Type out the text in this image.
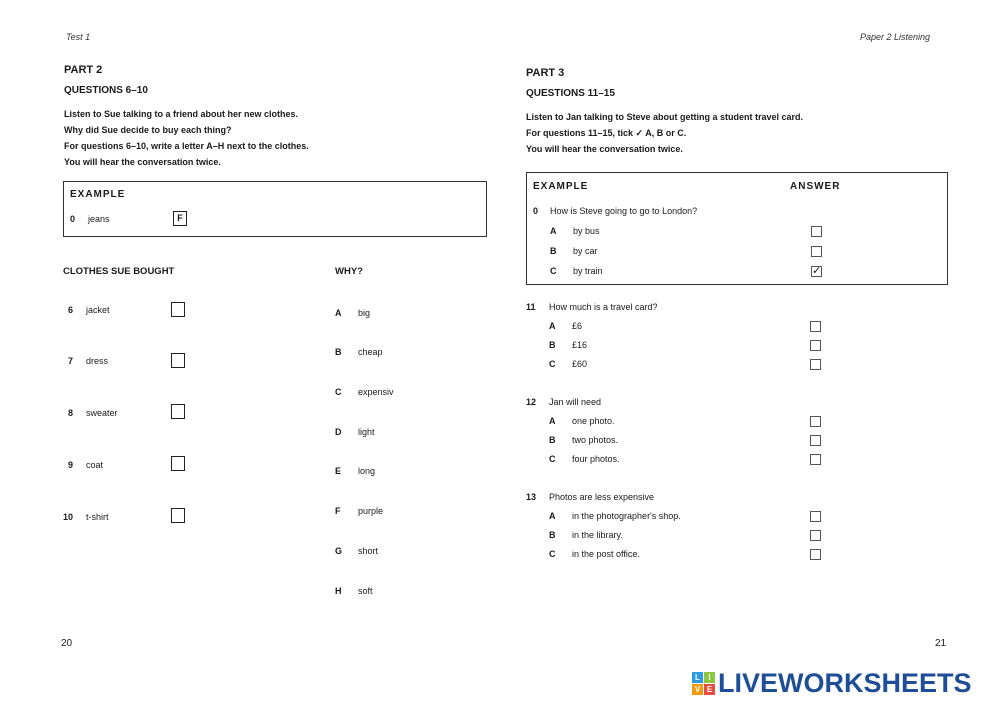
Test 1	Paper 2 Listening
PART 2
QUESTIONS 6–10
Listen to Sue talking to a friend about her new clothes.
Why did Sue decide to buy each thing?
For questions 6–10, write a letter A–H next to the clothes.
You will hear the conversation twice.
EXAMPLE
0 jeans	F
CLOTHES SUE BOUGHT	WHY?
6 jacket
7 dress
8 sweater
9 coat
10 t-shirt
A big
B cheap
C expensiv
D light
E long
F purple
G short
H soft
20
PART 3
QUESTIONS 11–15
Listen to Jan talking to Steve about getting a student travel card.
For questions 11–15, tick ✓ A, B or C.
You will hear the conversation twice.
EXAMPLE	ANSWER
0 How is Steve going to go to London?
A by bus
B by car
C by train	✓
11 How much is a travel card?
A £6
B £16
C £60
12 Jan will need
A one photo.
B two photos.
C four photos.
13 Photos are less expensive
A in the photographer's shop.
B in the library.
C in the post office.
21
L	I
V E LIVEWORKSHEETS
